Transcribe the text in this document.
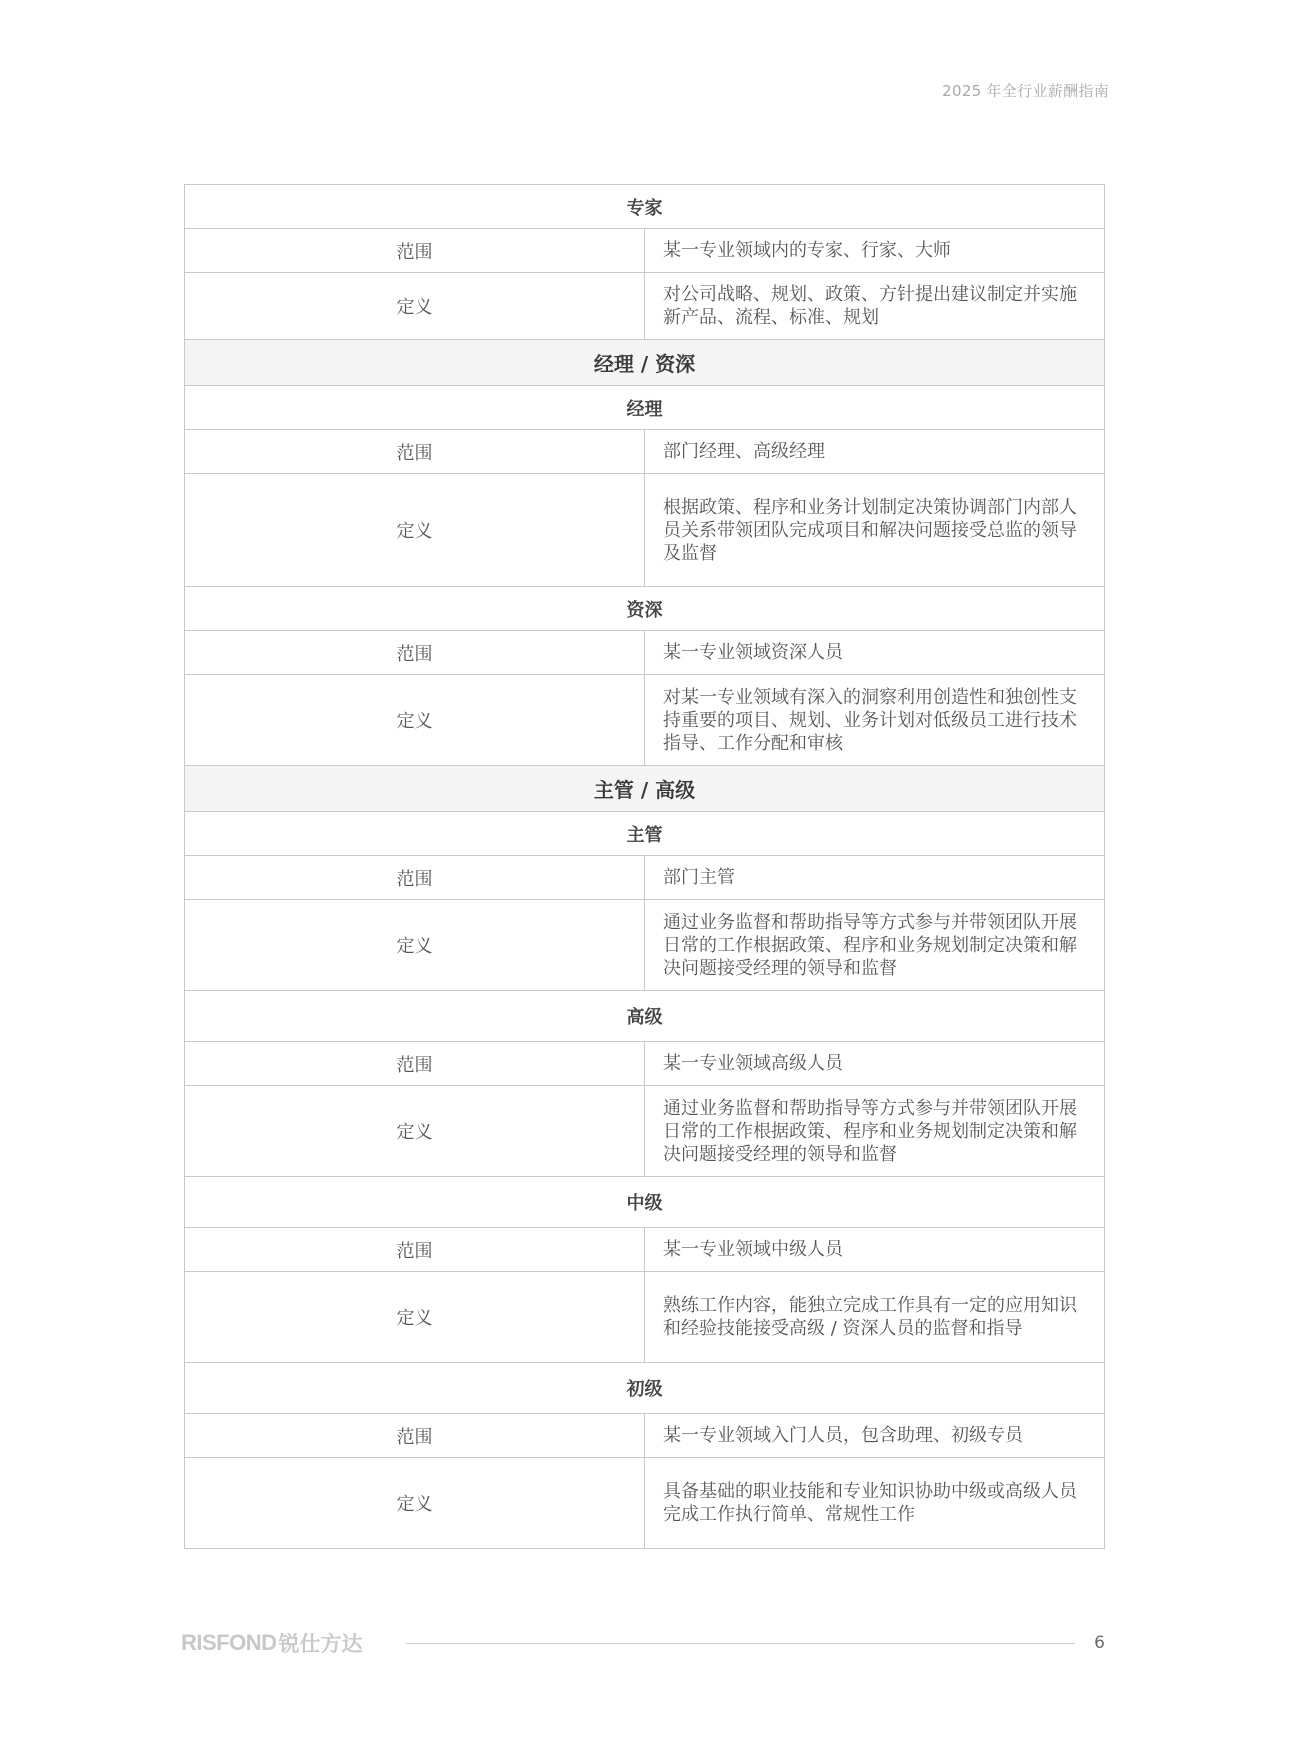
2025 年全行业薪酬指南
专家	
范围	某一专业领域内的专家、行家、大师
定义	对公司战略、规划、政策、方针提出建议制定并实施新产品、流程、标准、规划
经理 / 资深	
经理	
范围	部门经理、高级经理
定义	根据政策、程序和业务计划制定决策协调部门内部人员关系带领团队完成项目和解决问题接受总监的领导及监督
资深	
范围	某一专业领域资深人员
定义	对某一专业领域有深入的洞察利用创造性和独创性支持重要的项目、规划、业务计划对低级员工进行技术指导、工作分配和审核
主管 / 高级	
主管	
范围	部门主管
定义	通过业务监督和帮助指导等方式参与并带领团队开展日常的工作根据政策、程序和业务规划制定决策和解决问题接受经理的领导和监督
高级	
范围	某一专业领域高级人员
定义	通过业务监督和帮助指导等方式参与并带领团队开展日常的工作根据政策、程序和业务规划制定决策和解决问题接受经理的领导和监督
中级	
范围	某一专业领域中级人员
定义	熟练工作内容，能独立完成工作具有一定的应用知识和经验技能接受高级 / 资深人员的监督和指导
初级	
范围	某一专业领域入门人员，包含助理、初级专员
定义	具备基础的职业技能和专业知识协助中级或高级人员完成工作执行简单、常规性工作
RISFOND 锐仕方达	6
